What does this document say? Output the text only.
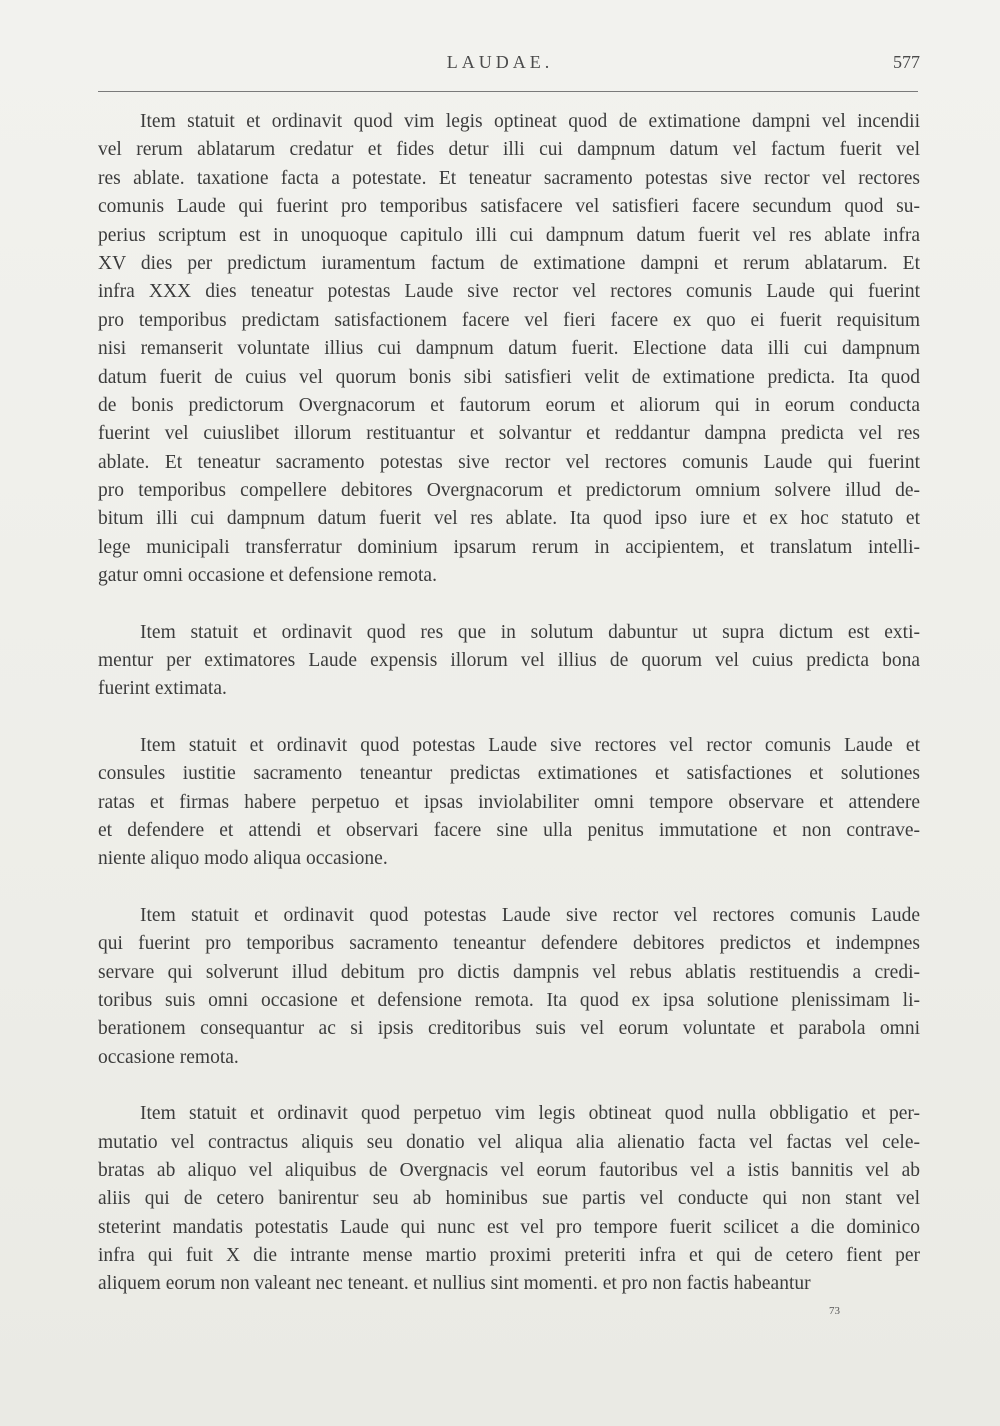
LAUDAE.	577
Item statuit et ordinavit quod vim legis optineat quod de extimatione dampni vel incendii
vel rerum ablatarum credatur et fides detur illi cui dampnum datum vel factum fuerit vel
res ablate. taxatione facta a potestate. Et teneatur sacramento potestas sive rector vel rectores
comunis Laude qui fuerint pro temporibus satisfacere vel satisfieri facere secundum quod su-
perius scriptum est in unoquoque capitulo illi cui dampnum datum fuerit vel res ablate infra
XV dies per predictum iuramentum factum de extimatione dampni et rerum ablatarum. Et
infra XXX dies teneatur potestas Laude sive rector vel rectores comunis Laude qui fuerint
pro temporibus predictam satisfactionem facere vel fieri facere ex quo ei fuerit requisitum
nisi remanserit voluntate illius cui dampnum datum fuerit. Electione data illi cui dampnum
datum fuerit de cuius vel quorum bonis sibi satisfieri velit de extimatione predicta. Ita quod
de bonis predictorum Overgnacorum et fautorum eorum et aliorum qui in eorum conducta
fuerint vel cuiuslibet illorum restituantur et solvantur et reddantur dampna predicta vel res
ablate. Et teneatur sacramento potestas sive rector vel rectores comunis Laude qui fuerint
pro temporibus compellere debitores Overgnacorum et predictorum omnium solvere illud de-
bitum illi cui dampnum datum fuerit vel res ablate. Ita quod ipso iure et ex hoc statuto et
lege municipali transferratur dominium ipsarum rerum in accipientem, et translatum intelli-
gatur omni occasione et defensione remota.
Item statuit et ordinavit quod res que in solutum dabuntur ut supra dictum est exti-
mentur per extimatores Laude expensis illorum vel illius de quorum vel cuius predicta bona
fuerint extimata.
Item statuit et ordinavit quod potestas Laude sive rectores vel rector comunis Laude et
consules iustitie sacramento teneantur predictas extimationes et satisfactiones et solutiones
ratas et firmas habere perpetuo et ipsas inviolabiliter omni tempore observare et attendere
et defendere et attendi et observari facere sine ulla penitus immutatione et non contrave-
niente aliquo modo aliqua occasione.
Item statuit et ordinavit quod potestas Laude sive rector vel rectores comunis Laude
qui fuerint pro temporibus sacramento teneantur defendere debitores predictos et indempnes
servare qui solverunt illud debitum pro dictis dampnis vel rebus ablatis restituendis a credi-
toribus suis omni occasione et defensione remota. Ita quod ex ipsa solutione plenissimam li-
berationem consequantur ac si ipsis creditoribus suis vel eorum voluntate et parabola omni
occasione remota.
Item statuit et ordinavit quod perpetuo vim legis obtineat quod nulla obbligatio et per-
mutatio vel contractus aliquis seu donatio vel aliqua alia alienatio facta vel factas vel cele-
bratas ab aliquo vel aliquibus de Overgnacis vel eorum fautoribus vel a istis bannitis vel ab
aliis qui de cetero banirentur seu ab hominibus sue partis vel conducte qui non stant vel
steterint mandatis potestatis Laude qui nunc est vel pro tempore fuerit scilicet a die dominico
infra qui fuit X die intrante mense martio proximi preteriti infra et qui de cetero fient per
aliquem eorum non valeant nec teneant. et nullius sint momenti. et pro non factis habeantur
73
